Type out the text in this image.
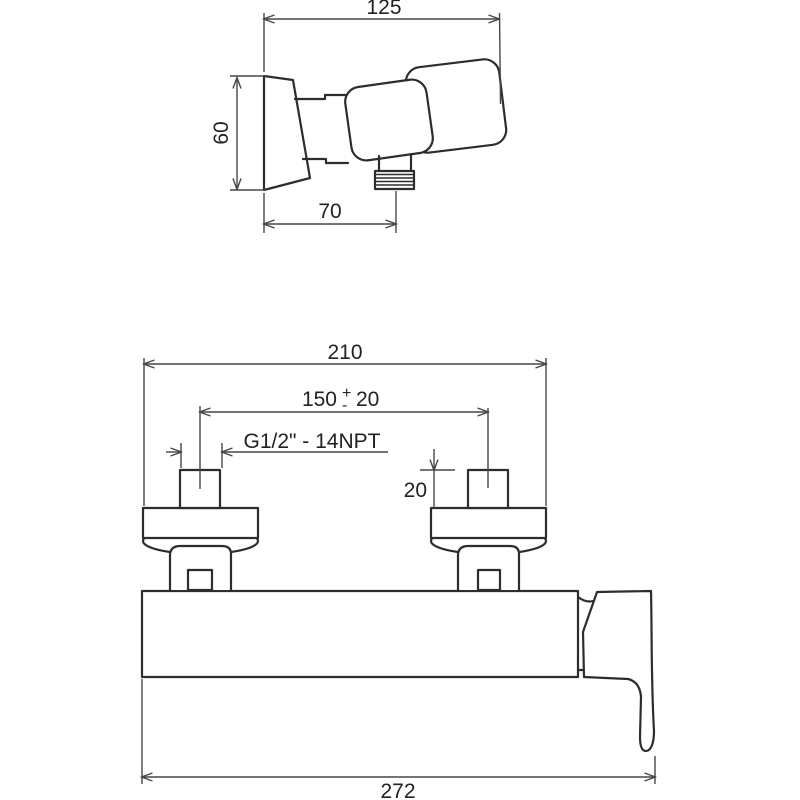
125
60
70
210
150 +
- 20
G1/2" - 14NPT
20
272
